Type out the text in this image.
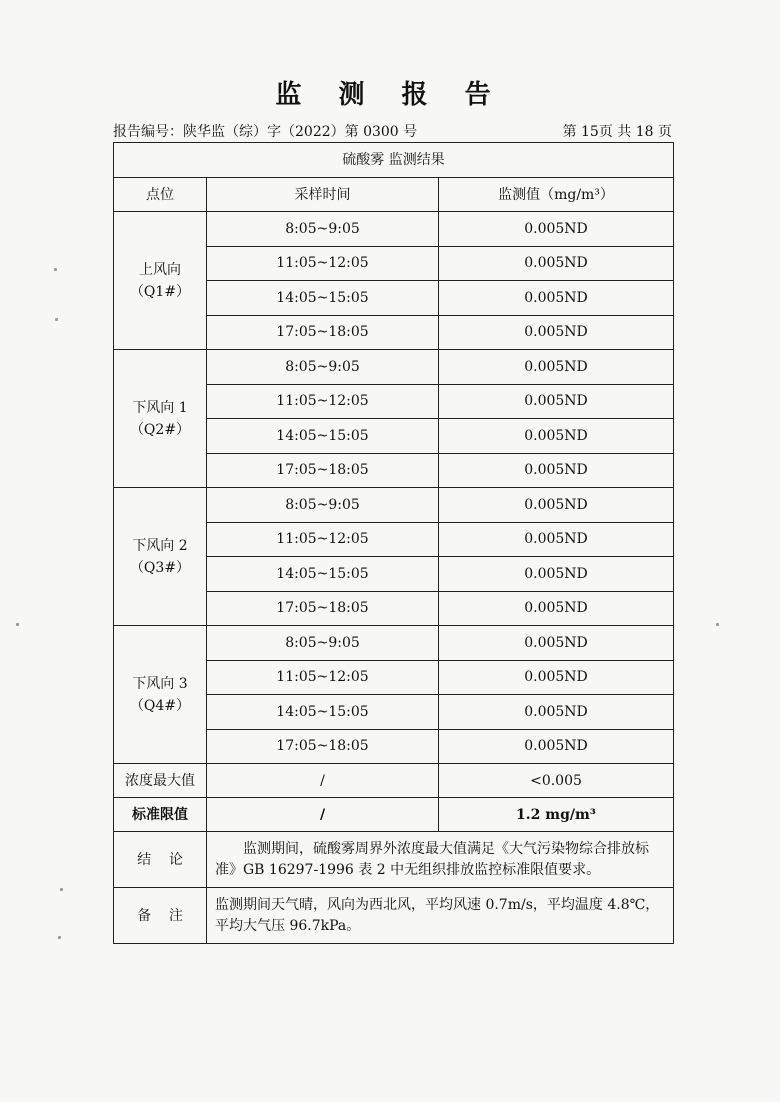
监 测 报 告
报告编号：陕华监（综）字（2022）第 0300 号	第 15页 共 18 页
硫酸雾 监测结果		
点位	采样时间	监测值（mg/m³）

上风向
（Q1#）	8:05~9:05	0.005ND
	11:05~12:05	0.005ND
	14:05~15:05	0.005ND
	17:05~18:05	0.005ND

下风向 1
（Q2#）	8:05~9:05	0.005ND
	11:05~12:05	0.005ND
	14:05~15:05	0.005ND
	17:05~18:05	0.005ND

下风向 2
（Q3#）	8:05~9:05	0.005ND
	11:05~12:05	0.005ND
	14:05~15:05	0.005ND
	17:05~18:05	0.005ND

下风向 3
（Q4#）	8:05~9:05	0.005ND
	11:05~12:05	0.005ND
	14:05~15:05	0.005ND
	17:05~18:05	0.005ND
浓度最大值	/	<0.005
标准限值	/	1.2 mg/m³
结    论	监测期间，硫酸雾周界外浓度最大值满足《大气污染物综合排放标准》GB 16297-1996 表 2 中无组织排放监控标准限值要求。	
备    注	监测期间天气晴，风向为西北风，平均风速 0.7m/s，平均温度 4.8℃，平均大气压 96.7kPa。	
